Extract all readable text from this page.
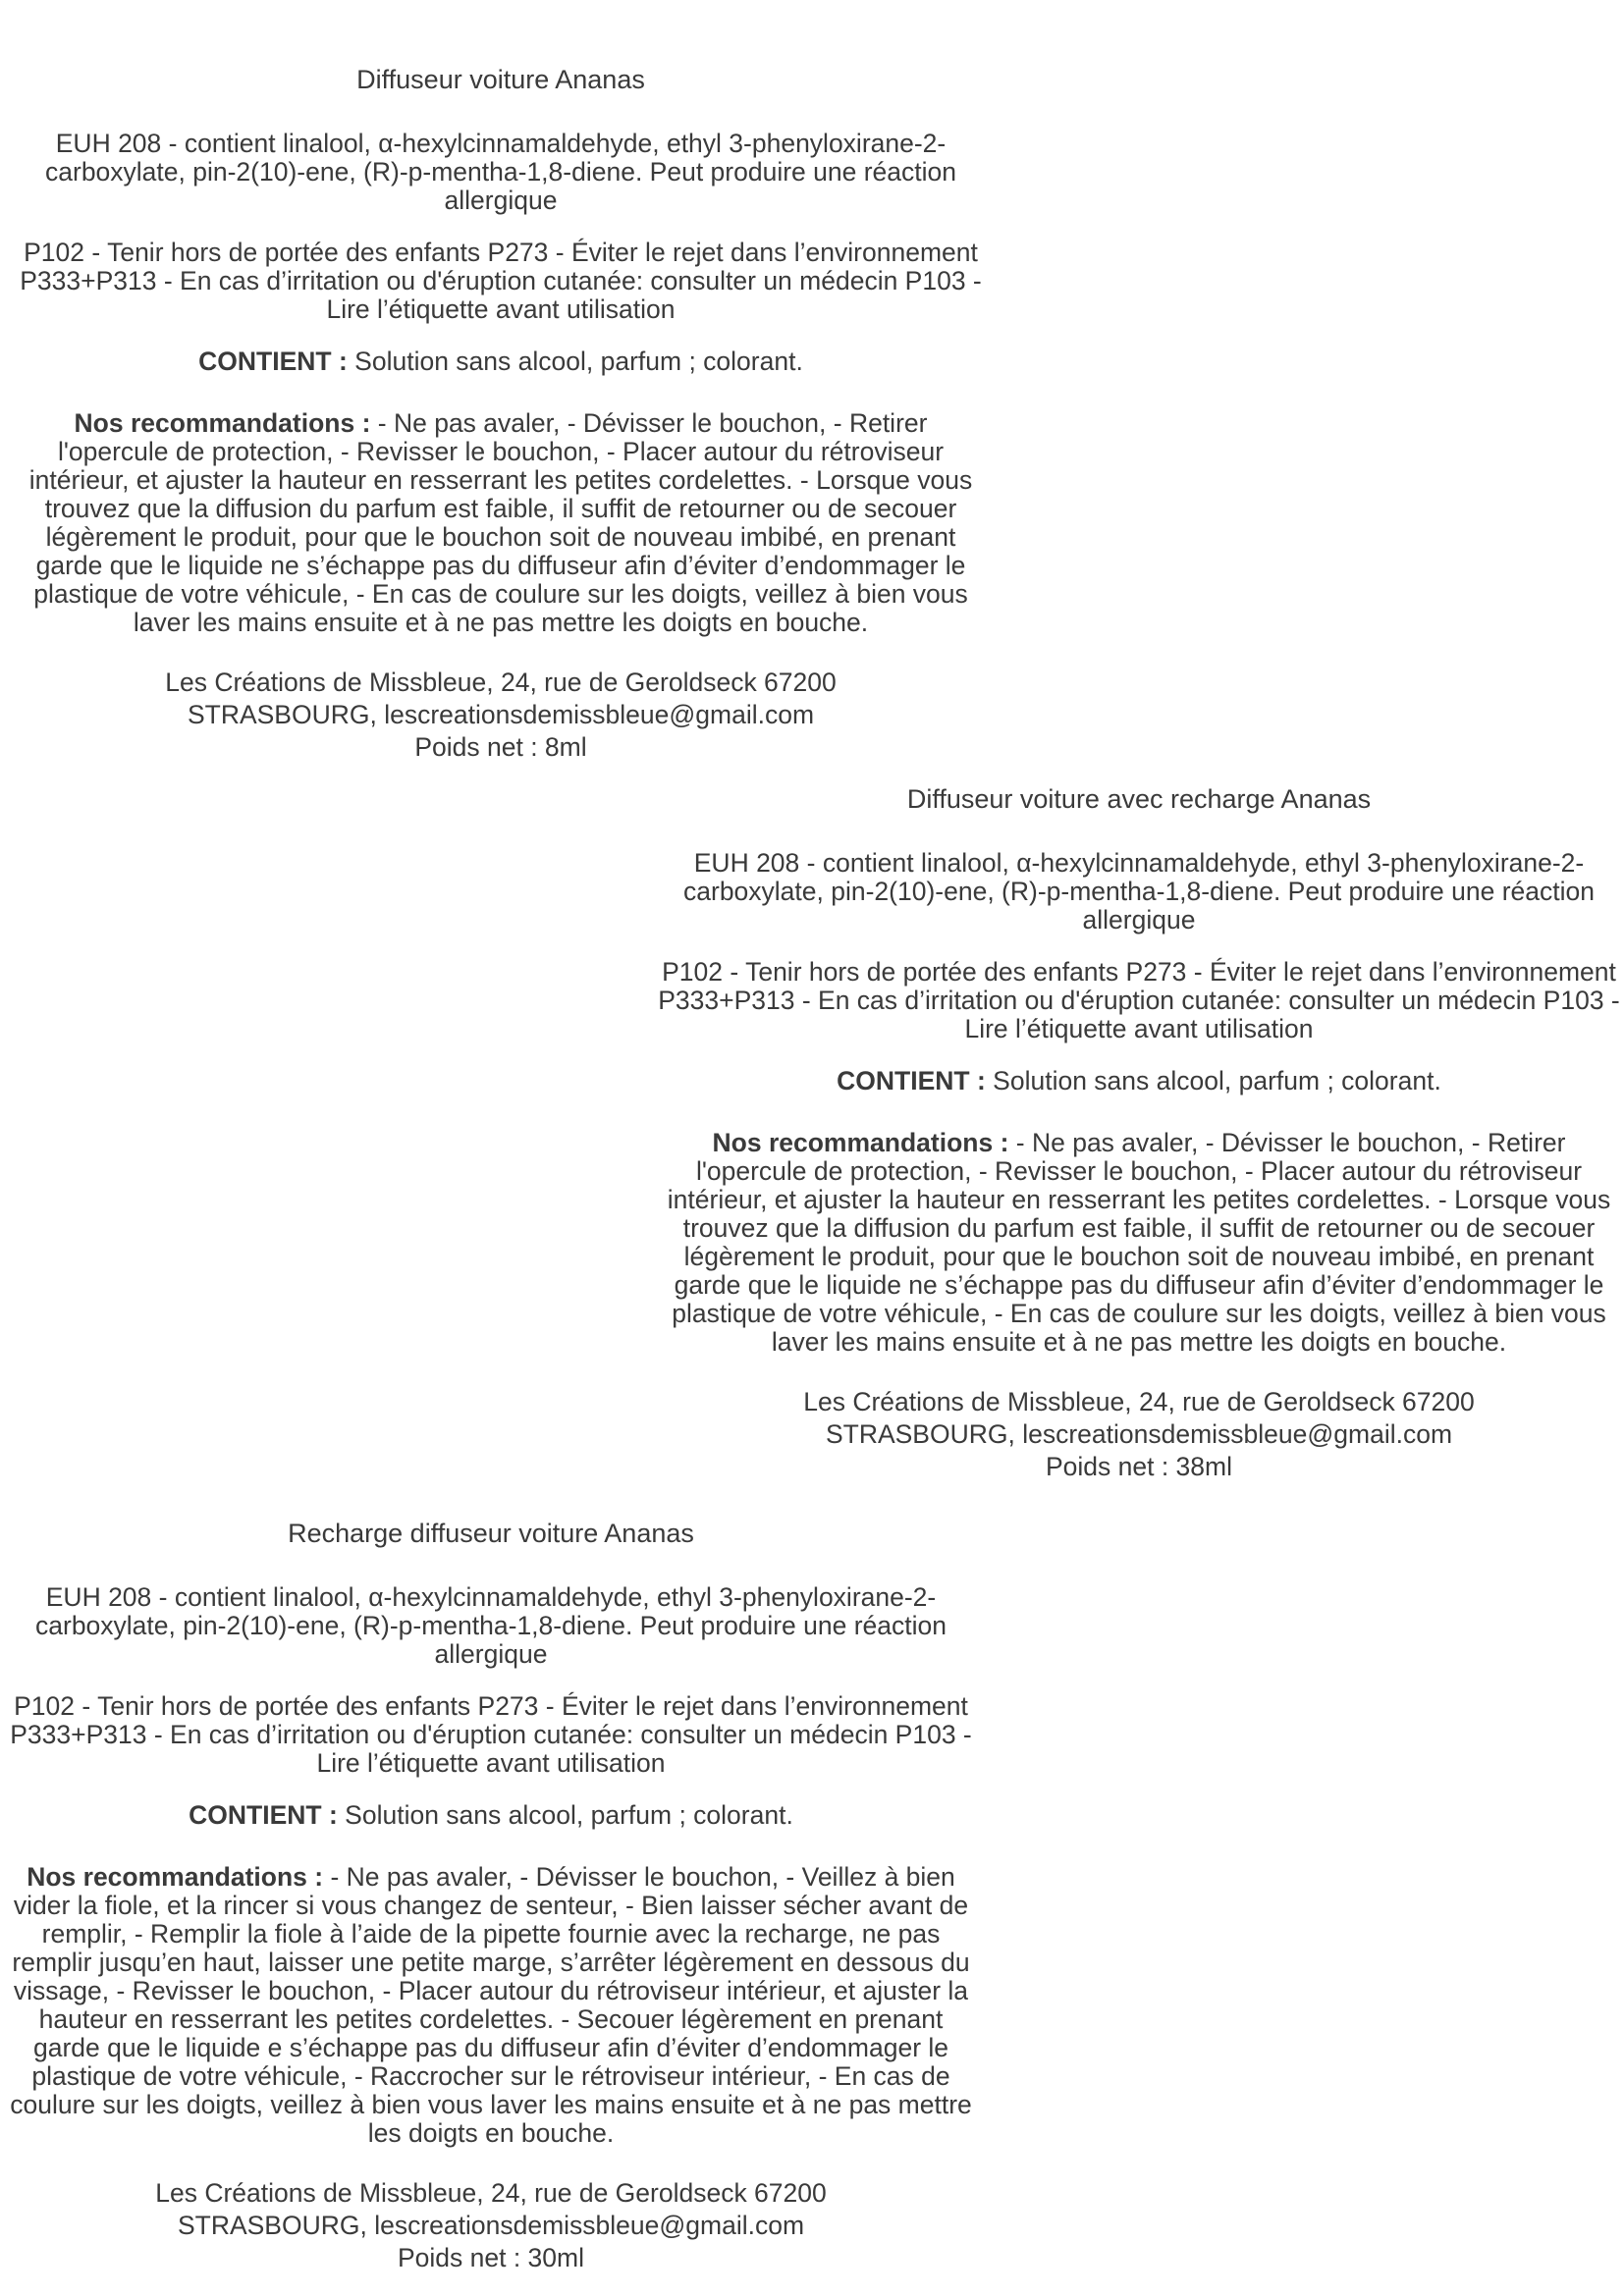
Diffuseur voiture Ananas

EUH 208 - contient linalool, α-hexylcinnamaldehyde, ethyl 3-phenyloxirane-2-carboxylate, pin-2(10)-ene, (R)-p-mentha-1,8-diene. Peut produire une réaction allergique

P102 - Tenir hors de portée des enfants P273 - Éviter le rejet dans l’environnement P333+P313 - En cas d’irritation ou d'éruption cutanée: consulter un médecin P103 - Lire l’étiquette avant utilisation

CONTIENT : Solution sans alcool, parfum ; colorant.

Nos recommandations : - Ne pas avaler, - Dévisser le bouchon, - Retirer l'opercule de protection, - Revisser le bouchon, - Placer autour du rétroviseur intérieur, et ajuster la hauteur en resserrant les petites cordelettes. - Lorsque vous trouvez que la diffusion du parfum est faible, il suffit de retourner ou de secouer légèrement le produit, pour que le bouchon soit de nouveau imbibé, en prenant garde que le liquide ne s’échappe pas du diffuseur afin d’éviter d’endommager le plastique de votre véhicule, - En cas de coulure sur les doigts, veillez à bien vous laver les mains ensuite et à ne pas mettre les doigts en bouche.

Les Créations de Missbleue, 24, rue de Geroldseck 67200
STRASBOURG, lescreationsdemissbleue@gmail.com
Poids net : 8ml
Diffuseur voiture avec recharge Ananas

EUH 208 - contient linalool, α-hexylcinnamaldehyde, ethyl 3-phenyloxirane-2-carboxylate, pin-2(10)-ene, (R)-p-mentha-1,8-diene. Peut produire une réaction allergique

P102 - Tenir hors de portée des enfants P273 - Éviter le rejet dans l’environnement P333+P313 - En cas d’irritation ou d'éruption cutanée: consulter un médecin P103 - Lire l’étiquette avant utilisation

CONTIENT : Solution sans alcool, parfum ; colorant.

Nos recommandations : - Ne pas avaler, - Dévisser le bouchon, - Retirer l'opercule de protection, - Revisser le bouchon, - Placer autour du rétroviseur intérieur, et ajuster la hauteur en resserrant les petites cordelettes. - Lorsque vous trouvez que la diffusion du parfum est faible, il suffit de retourner ou de secouer légèrement le produit, pour que le bouchon soit de nouveau imbibé, en prenant garde que le liquide ne s’échappe pas du diffuseur afin d’éviter d’endommager le plastique de votre véhicule, - En cas de coulure sur les doigts, veillez à bien vous laver les mains ensuite et à ne pas mettre les doigts en bouche.

Les Créations de Missbleue, 24, rue de Geroldseck 67200
STRASBOURG, lescreationsdemissbleue@gmail.com
Poids net : 38ml
Recharge diffuseur voiture Ananas

EUH 208 - contient linalool, α-hexylcinnamaldehyde, ethyl 3-phenyloxirane-2-carboxylate, pin-2(10)-ene, (R)-p-mentha-1,8-diene. Peut produire une réaction allergique

P102 - Tenir hors de portée des enfants P273 - Éviter le rejet dans l’environnement P333+P313 - En cas d’irritation ou d'éruption cutanée: consulter un médecin P103 - Lire l’étiquette avant utilisation

CONTIENT : Solution sans alcool, parfum ; colorant.

Nos recommandations : - Ne pas avaler, - Dévisser le bouchon, - Veillez à bien vider la fiole, et la rincer si vous changez de senteur, - Bien laisser sécher avant de remplir, - Remplir la fiole à l’aide de la pipette fournie avec la recharge, ne pas remplir jusqu’en haut, laisser une petite marge, s’arrêter légèrement en dessous du vissage, - Revisser le bouchon, - Placer autour du rétroviseur intérieur, et ajuster la hauteur en resserrant les petites cordelettes. - Secouer légèrement en prenant garde que le liquide e s’échappe pas du diffuseur afin d’éviter d’endommager le plastique de votre véhicule, - Raccrocher sur le rétroviseur intérieur, - En cas de coulure sur les doigts, veillez à bien vous laver les mains ensuite et à ne pas mettre les doigts en bouche.

Les Créations de Missbleue, 24, rue de Geroldseck 67200
STRASBOURG, lescreationsdemissbleue@gmail.com
Poids net : 30ml
